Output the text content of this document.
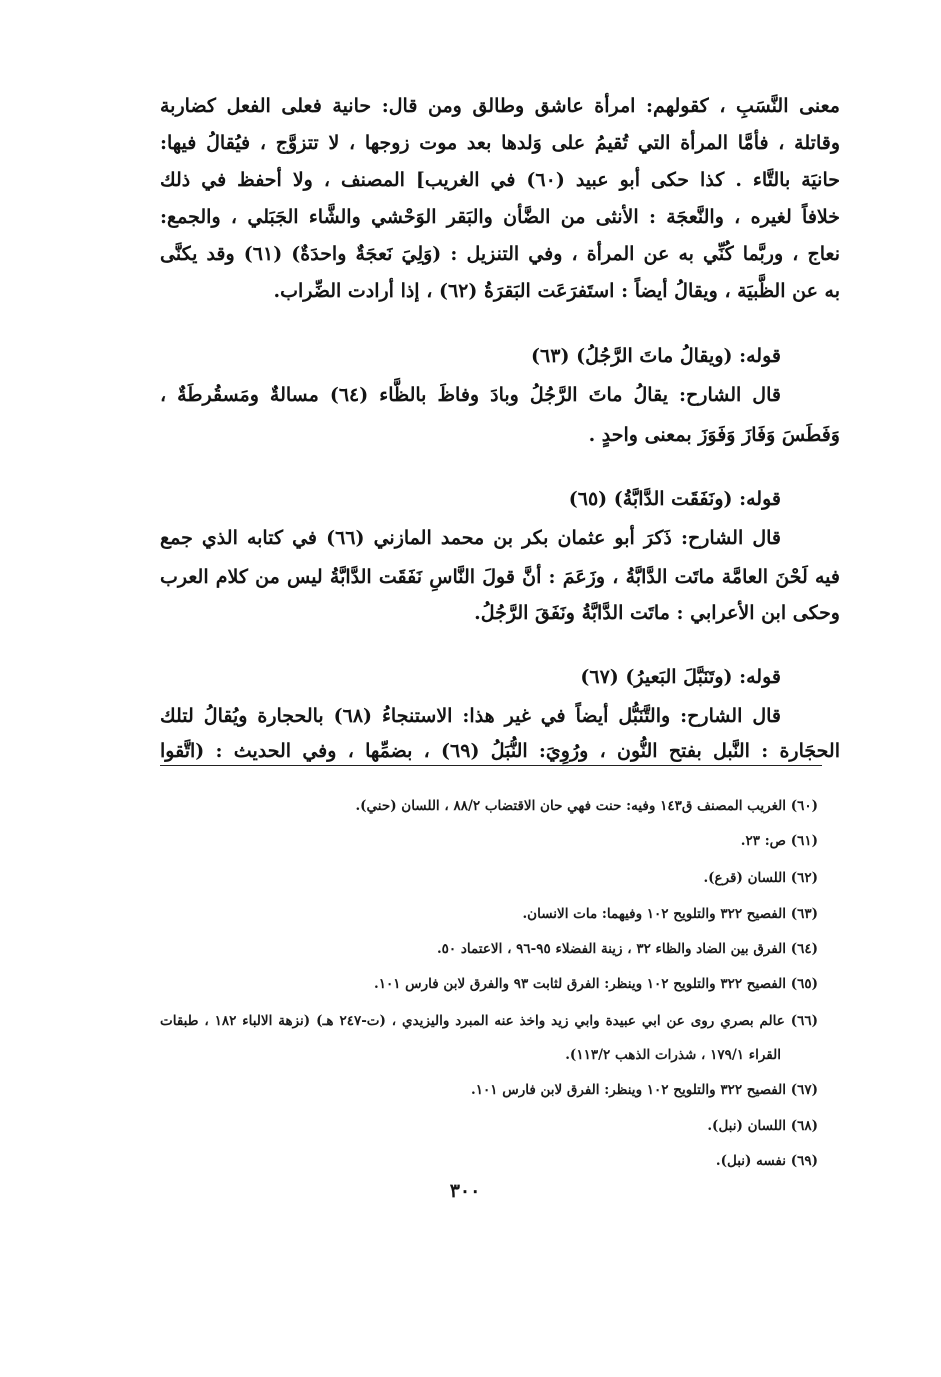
معنى النَّسَبِ ، كقولهم: امرأة عاشق وطالق ومن قال: حانية فعلى الفعل كضاربة
وقاتلة ، فأمَّا المرأة التي تُقيمُ على وَلدها بعد موت زوجها ، لا تتزوَّج ، فيُقالُ فيها:
حانيَة بالتَّاء . كذا حكى أبو عبيد (٦٠) في الغريب] المصنف ، ولا أحفظ في ذلك
خلافاً لغيره ، والنَّعجَة : الأنثى من الضَّأن والبَقر الوَحْشي والشَّاء الجَبَلي ، والجمع:
نعاج ، وربَّما كُنِّي به عن المرأة ، وفي التنزيل : (وَلِيَ نَعجَةٌ واحدَةٌ) (٦١) وقد يكنَّى
به عن الظَّبيَة ، ويقالُ أيضاً : استَفرَعَت البَقرَةُ (٦٢) ، إذا أرادت الضِّراب.
قوله: (ويقالُ ماتَ الرَّجُلُ) (٦٣)
قال الشارح: يقالُ ماتَ الرَّجُلُ وبادَ وفاظَ بالظَّاء (٦٤) مسالةٌ ومَسقُرطَةٌ ،
وَفَطَسَ وَفَازَ وَفَوَزَ بمعنى واحدٍ .
قوله: (ونَفَقَت الدَّابَّةُ) (٦٥)
قال الشارح: ذَكرَ أبو عثمان بكر بن محمد المازني (٦٦) في كتابه الذي جمع
فيه لَحْنَ العامَّة ماتَت الدَّابَّةُ ، وزَعَمَ : أنَّ قولَ النَّاسِ نَفَقَت الدَّابَّةُ ليس من كلام العرب
وحكى ابن الأعرابي : ماتَت الدَّابَّةُ ونَفَقَ الرَّجُلُ.
قوله: (وتَنَبَّلَ البَعيرُ) (٦٧)
قال الشارح: والتَّنَبُّل أيضاً في غير هذا: الاستنجاءُ (٦٨) بالحجارة ويُقالُ لتلك
الحجَارة : النَّبل بفتح النُّون ، ورُوِيَ: النُّبَلُ (٦٩) ، بضمِّها ، وفي الحديث : (اتَّقوا
(٦٠) الغريب المصنف ق١٤٣ وفيه: حنت فهي حان الاقتضاب ٨٨/٢ ، اللسان (حني).
(٦١) ص: ٢٣.
(٦٢) اللسان (قرع).
(٦٣) الفصيح ٣٢٢ والتلويح ١٠٢ وفيهما: مات الانسان.
(٦٤) الفرق بين الضاد والظاء ٣٢ ، زينة الفضلاء ٩٥-٩٦ ، الاعتماد ٥٠.
(٦٥) الفصيح ٣٢٢ والتلويح ١٠٢ وينظر: الفرق لثابت ٩٣ والفرق لابن فارس ١٠١.
(٦٦) عالم بصري روى عن ابي عبيدة وابي زيد واخذ عنه المبرد واليزيدي ، (ت-٢٤٧ هـ) (نزهة الالباء ١٨٢ ، طبقات
القراء ١٧٩/١ ، شذرات الذهب ١١٣/٢).
(٦٧) الفصيح ٣٢٢ والتلويح ١٠٢ وينظر: الفرق لابن فارس ١٠١.
(٦٨) اللسان (نبل).
(٦٩) نفسه (نبل).
٣٠٠
